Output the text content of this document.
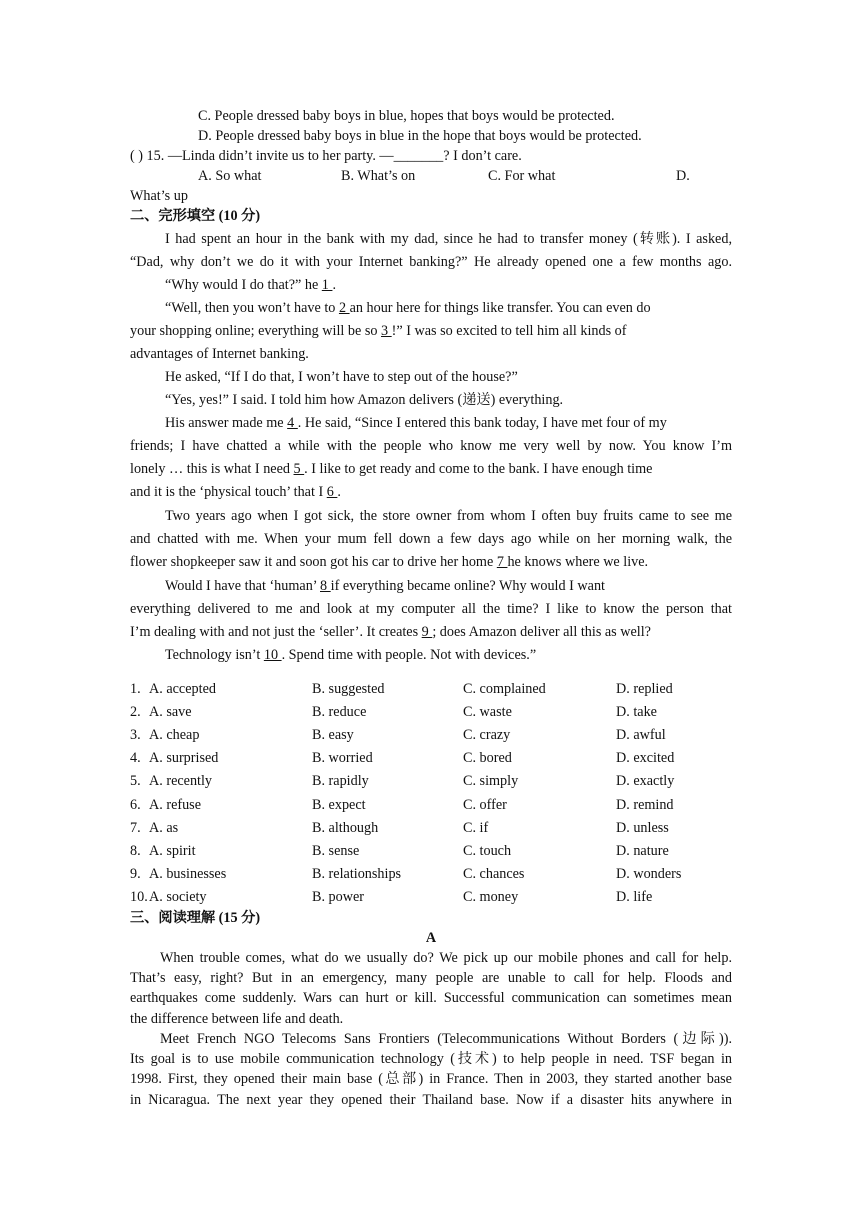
C. People dressed baby boys in blue, hopes that boys would be protected.
D. People dressed baby boys in blue in the hope that boys would be protected.
( ) 15. —Linda didn’t invite us to her party. —_______? I don’t care.
A. So what	B. What’s on	C. For what	D.
What’s up
二、完形填空 (10 分)
I had spent an hour in the bank with my dad, since he had to transfer money (转账). I asked,
“Dad, why don’t we do it with your Internet banking?” He already opened one a few months ago.
“Why would I do that?” he 1 .
“Well, then you won’t have to 2 an hour here for things like transfer. You can even do
your shopping online; everything will be so 3 !” I was so excited to tell him all kinds of
advantages of Internet banking.
He asked, “If I do that, I won’t have to step out of the house?”
“Yes, yes!” I said. I told him how Amazon delivers (递送) everything.
His answer made me 4 . He said, “Since I entered this bank today, I have met four of my
friends; I have chatted a while with the people who know me very well by now. You know I’m
lonely … this is what I need 5 . I like to get ready and come to the bank. I have enough time
and it is the ‘physical touch’ that I 6 .
Two years ago when I got sick, the store owner from whom I often buy fruits came to see me
and chatted with me. When your mum fell down a few days ago while on her morning walk, the
flower shopkeeper saw it and soon got his car to drive her home 7 he knows where we live.
Would I have that ‘human’ 8 if everything became online? Why would I want
everything delivered to me and look at my computer all the time? I like to know the person that
I’m dealing with and not just the ‘seller’. It creates 9 ; does Amazon deliver all this as well?
Technology isn’t 10 . Spend time with people. Not with devices.”
1. A. accepted	B. suggested	C. complained	D. replied
2. A. save	B. reduce	C. waste	D. take
3. A. cheap	B. easy	C. crazy	D. awful
4. A. surprised	B. worried	C. bored	D. excited
5. A. recently	B. rapidly	C. simply	D. exactly
6. A. refuse	B. expect	C. offer	D. remind
7. A. as	B. although	C. if	D. unless
8. A. spirit	B. sense	C. touch	D. nature
9. A. businesses	B. relationships	C. chances	D. wonders
10. A. society	B. power	C. money	D. life
三、阅读理解 (15 分)
A
When trouble comes, what do we usually do? We pick up our mobile phones and call for help.
That’s easy, right? But in an emergency, many people are unable to call for help. Floods and
earthquakes come suddenly. Wars can hurt or kill. Successful communication can sometimes mean
the difference between life and death.
Meet French NGO Telecoms Sans Frontiers (Telecommunications Without Borders (边际)).
Its goal is to use mobile communication technology (技术) to help people in need. TSF began in
1998. First, they opened their main base (总部) in France. Then in 2003, they started another base
in Nicaragua. The next year they opened their Thailand base. Now if a disaster hits anywhere in
